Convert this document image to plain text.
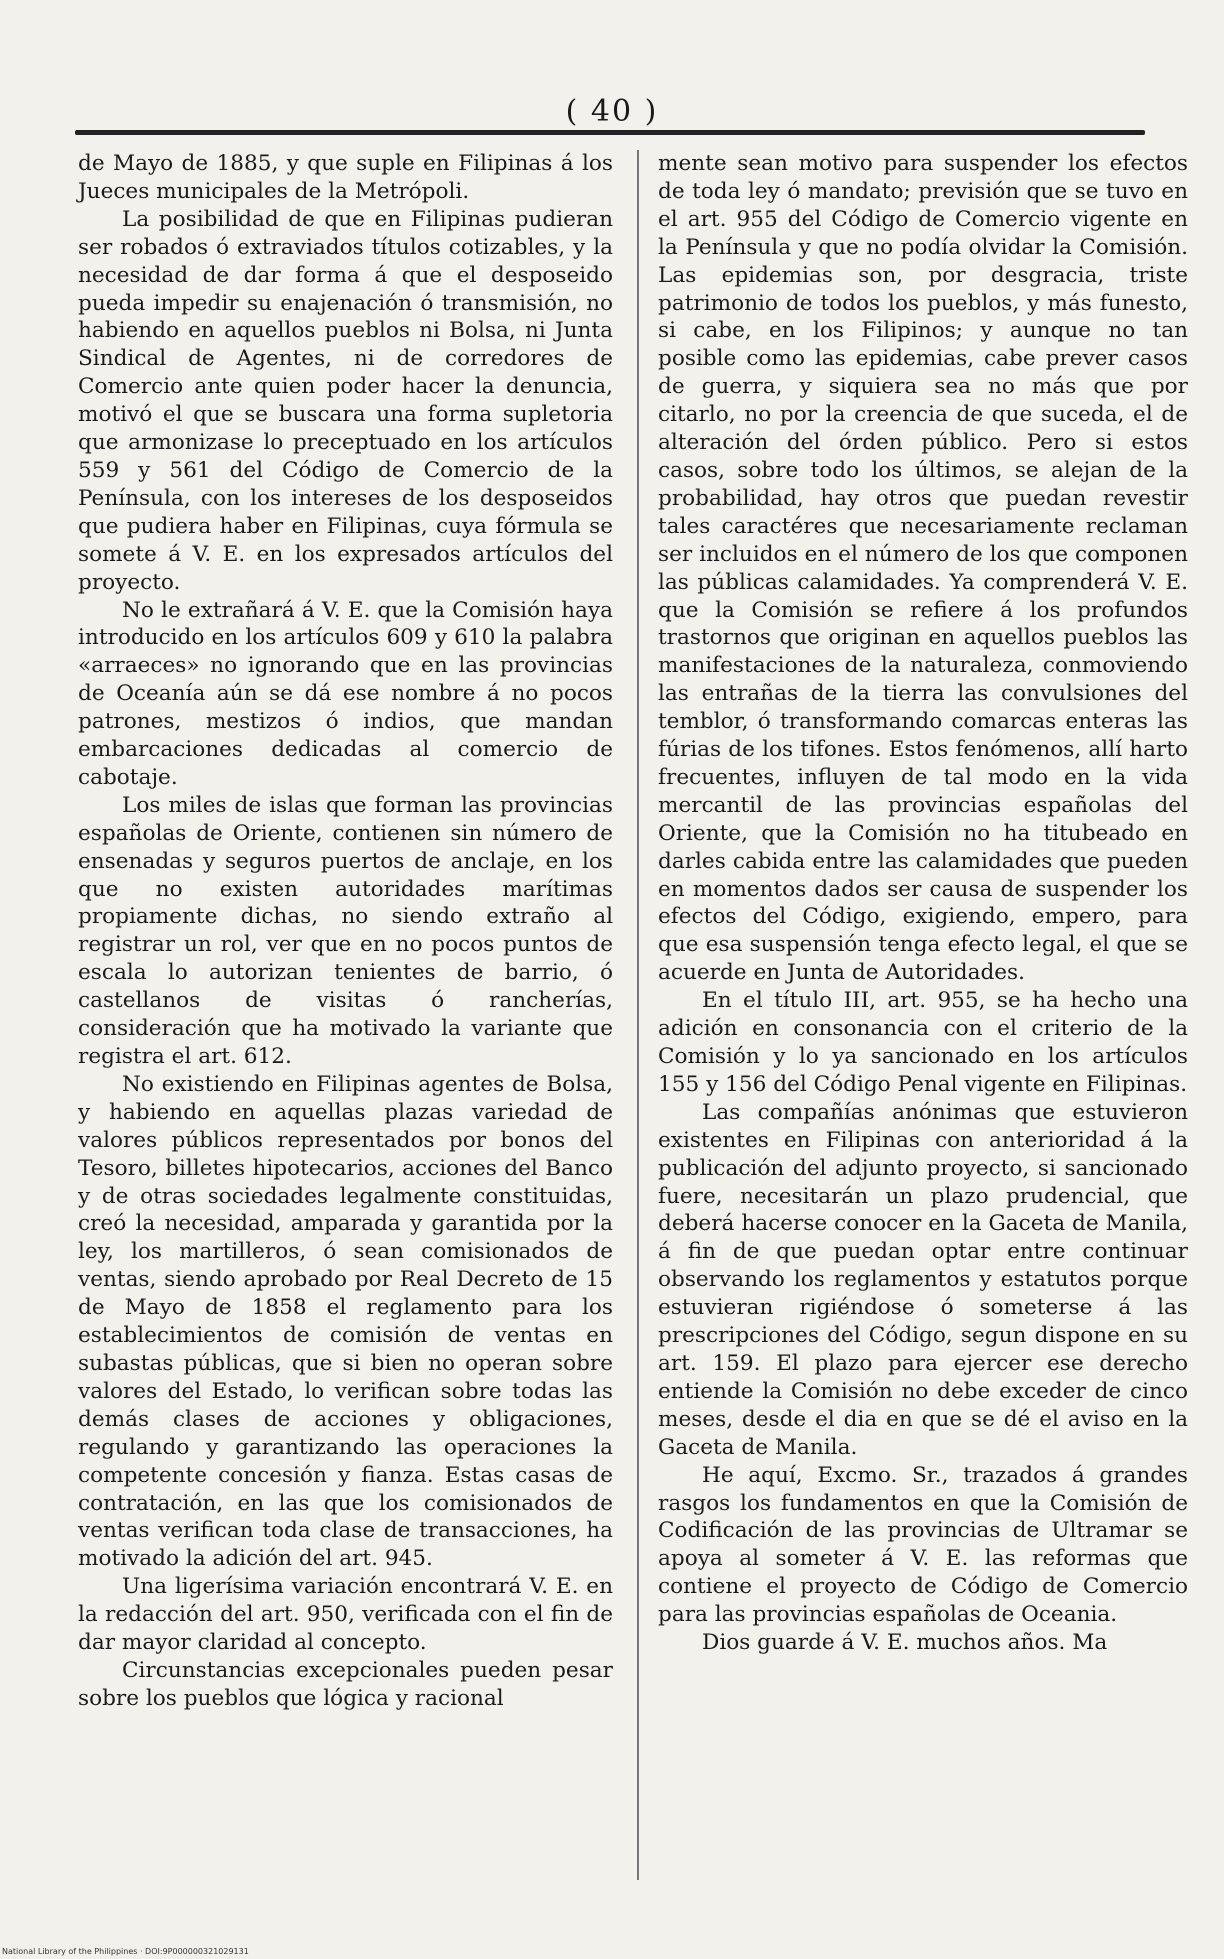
( 40 )

de Mayo de 1885, y que suple en Filipinas á los Jueces municipales de la Metrópoli.

La posibilidad de que en Filipinas pudieran ser robados ó extraviados títulos cotizables, y la necesidad de dar forma á que el desposeido pueda impedir su enajenación ó transmisión, no habiendo en aquellos pueblos ni Bolsa, ni Junta Sindical de Agentes, ni de corredores de Comercio ante quien poder hacer la denuncia, motivó el que se buscara una forma supletoria que armonizase lo preceptuado en los artículos 559 y 561 del Código de Comercio de la Península, con los intereses de los desposeidos que pudiera haber en Filipinas, cuya fórmula se somete á V. E. en los expresados artículos del proyecto.

No le extrañará á V. E. que la Comisión haya introducido en los artículos 609 y 610 la palabra «arraeces» no ignorando que en las provincias de Oceanía aún se dá ese nombre á no pocos patrones, mestizos ó indios, que mandan embarcaciones dedicadas al comercio de cabotaje.

Los miles de islas que forman las provincias españolas de Oriente, contienen sin número de ensenadas y seguros puertos de anclaje, en los que no existen autoridades marítimas propiamente dichas, no siendo extraño al registrar un rol, ver que en no pocos puntos de escala lo autorizan tenientes de barrio, ó castellanos de visitas ó rancherías, consideración que ha motivado la variante que registra el art. 612.

No existiendo en Filipinas agentes de Bolsa, y habiendo en aquellas plazas variedad de valores públicos representados por bonos del Tesoro, billetes hipotecarios, acciones del Banco y de otras sociedades legalmente constituidas, creó la necesidad, amparada y garantida por la ley, los martilleros, ó sean comisionados de ventas, siendo aprobado por Real Decreto de 15 de Mayo de 1858 el reglamento para los establecimientos de comisión de ventas en subastas públicas, que si bien no operan sobre valores del Estado, lo verifican sobre todas las demás clases de acciones y obligaciones, regulando y garantizando las operaciones la competente concesión y fianza. Estas casas de contratación, en las que los comisionados de ventas verifican toda clase de transacciones, ha motivado la adición del art. 945.

Una ligerísima variación encontrará V. E. en la redacción del art. 950, verificada con el fin de dar mayor claridad al concepto.

Circunstancias excepcionales pueden pesar sobre los pueblos que lógica y racional

mente sean motivo para suspender los efectos de toda ley ó mandato; previsión que se tuvo en el art. 955 del Código de Comercio vigente en la Península y que no podía olvidar la Comisión. Las epidemias son, por desgracia, triste patrimonio de todos los pueblos, y más funesto, si cabe, en los Filipinos; y aunque no tan posible como las epidemias, cabe prever casos de guerra, y siquiera sea no más que por citarlo, no por la creencia de que suceda, el de alteración del órden público. Pero si estos casos, sobre todo los últimos, se alejan de la probabilidad, hay otros que puedan revestir tales caractéres que necesariamente reclaman ser incluidos en el número de los que componen las públicas calamidades. Ya comprenderá V. E. que la Comisión se refiere á los profundos trastornos que originan en aquellos pueblos las manifestaciones de la naturaleza, conmoviendo las entrañas de la tierra las convulsiones del temblor, ó transformando comarcas enteras las fúrias de los tifones. Estos fenómenos, allí harto frecuentes, influyen de tal modo en la vida mercantil de las provincias españolas del Oriente, que la Comisión no ha titubeado en darles cabida entre las calamidades que pueden en momentos dados ser causa de suspender los efectos del Código, exigiendo, empero, para que esa suspensión tenga efecto legal, el que se acuerde en Junta de Autoridades.

En el título III, art. 955, se ha hecho una adición en consonancia con el criterio de la Comisión y lo ya sancionado en los artículos 155 y 156 del Código Penal vigente en Filipinas.

Las compañías anónimas que estuvieron existentes en Filipinas con anterioridad á la publicación del adjunto proyecto, si sancionado fuere, necesitarán un plazo prudencial, que deberá hacerse conocer en la Gaceta de Manila, á fin de que puedan optar entre continuar observando los reglamentos y estatutos porque estuvieran rigiéndose ó someterse á las prescripciones del Código, segun dispone en su art. 159. El plazo para ejercer ese derecho entiende la Comisión no debe exceder de cinco meses, desde el dia en que se dé el aviso en la Gaceta de Manila.

He aquí, Excmo. Sr., trazados á grandes rasgos los fundamentos en que la Comisión de Codificación de las provincias de Ultramar se apoya al someter á V. E. las reformas que contiene el proyecto de Código de Comercio para las provincias españolas de Oceania.

Dios guarde á V. E. muchos años. Ma

National Library of the Philippines · DOI:9P000000321029131
